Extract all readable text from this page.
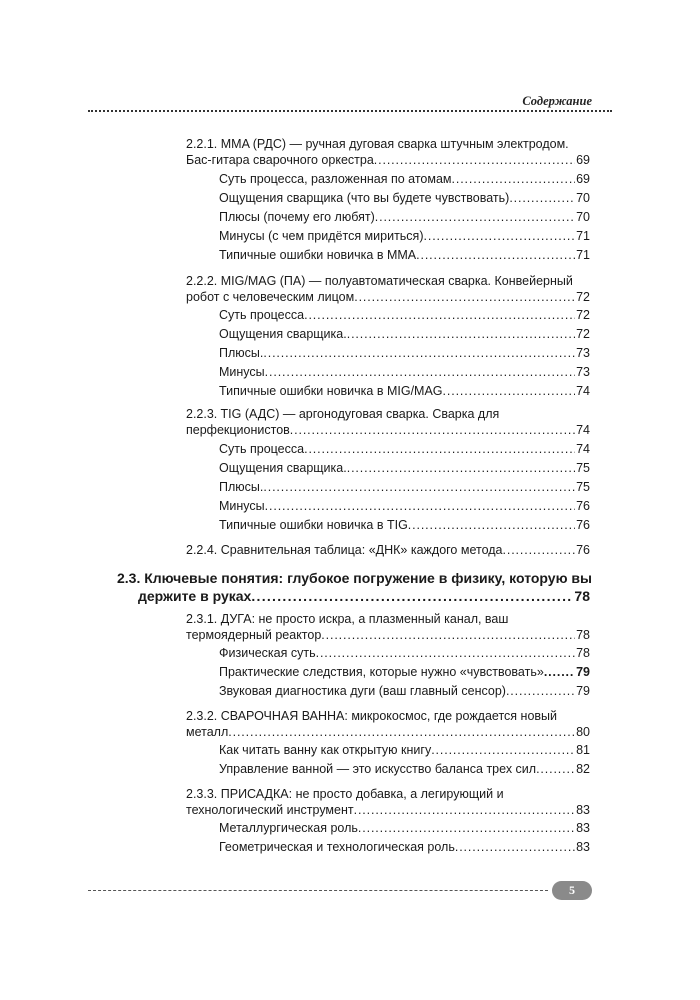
Содержание
2.2.1. MMA (РДС) — ручная дуговая сварка штучным электродом.
Бас-гитара сварочного оркестра . . .	69
Суть процесса, разложенная по атомам . . .	69
Ощущения сварщика (что вы будете чувствовать) . . .	70
Плюсы (почему его любят) . . .	70
Минусы (с чем придётся мириться) . . .	71
Типичные ошибки новичка в MMA . . .	71
2.2.2. MIG/MAG (ПА) — полуавтоматическая сварка. Конвейерный
робот с человеческим лицом . . .	72
Суть процесса . . .	72
Ощущения сварщика. . . .	72
Плюсы. . . .	73
Минусы . . .	73
Типичные ошибки новичка в MIG/MAG . . .	74
2.2.3. TIG (АДС) — аргонодуговая сварка. Сварка для
перфекционистов . . .	74
Суть процесса . . .	74
Ощущения сварщика. . . .	75
Плюсы. . . .	75
Минусы . . .	76
Типичные ошибки новичка в TIG . . .	76
2.2.4. Сравнительная таблица: «ДНК» каждого метода . . .	76
2.3. Ключевые понятия: глубокое погружение в физику, которую вы
держите в руках . . .	78
2.3.1. ДУГА: не просто искра, а плазменный канал, ваш
термоядерный реактор . . .	78
Физическая суть . . .	78
Практические следствия, которые нужно «чувствовать» . . .	79
Звуковая диагностика дуги (ваш главный сенсор) . . .	79
2.3.2. СВАРОЧНАЯ ВАННА: микрокосмос, где рождается новый
металл . . .	80
Как читать ванну как открытую книгу . . .	81
Управление ванной — это искусство баланса трех сил . . .	82
2.3.3. ПРИСАДКА: не просто добавка, а легирующий и
технологический инструмент . . .	83
Металлургическая роль . . .	83
Геометрическая и технологическая роль . . .	83
5
